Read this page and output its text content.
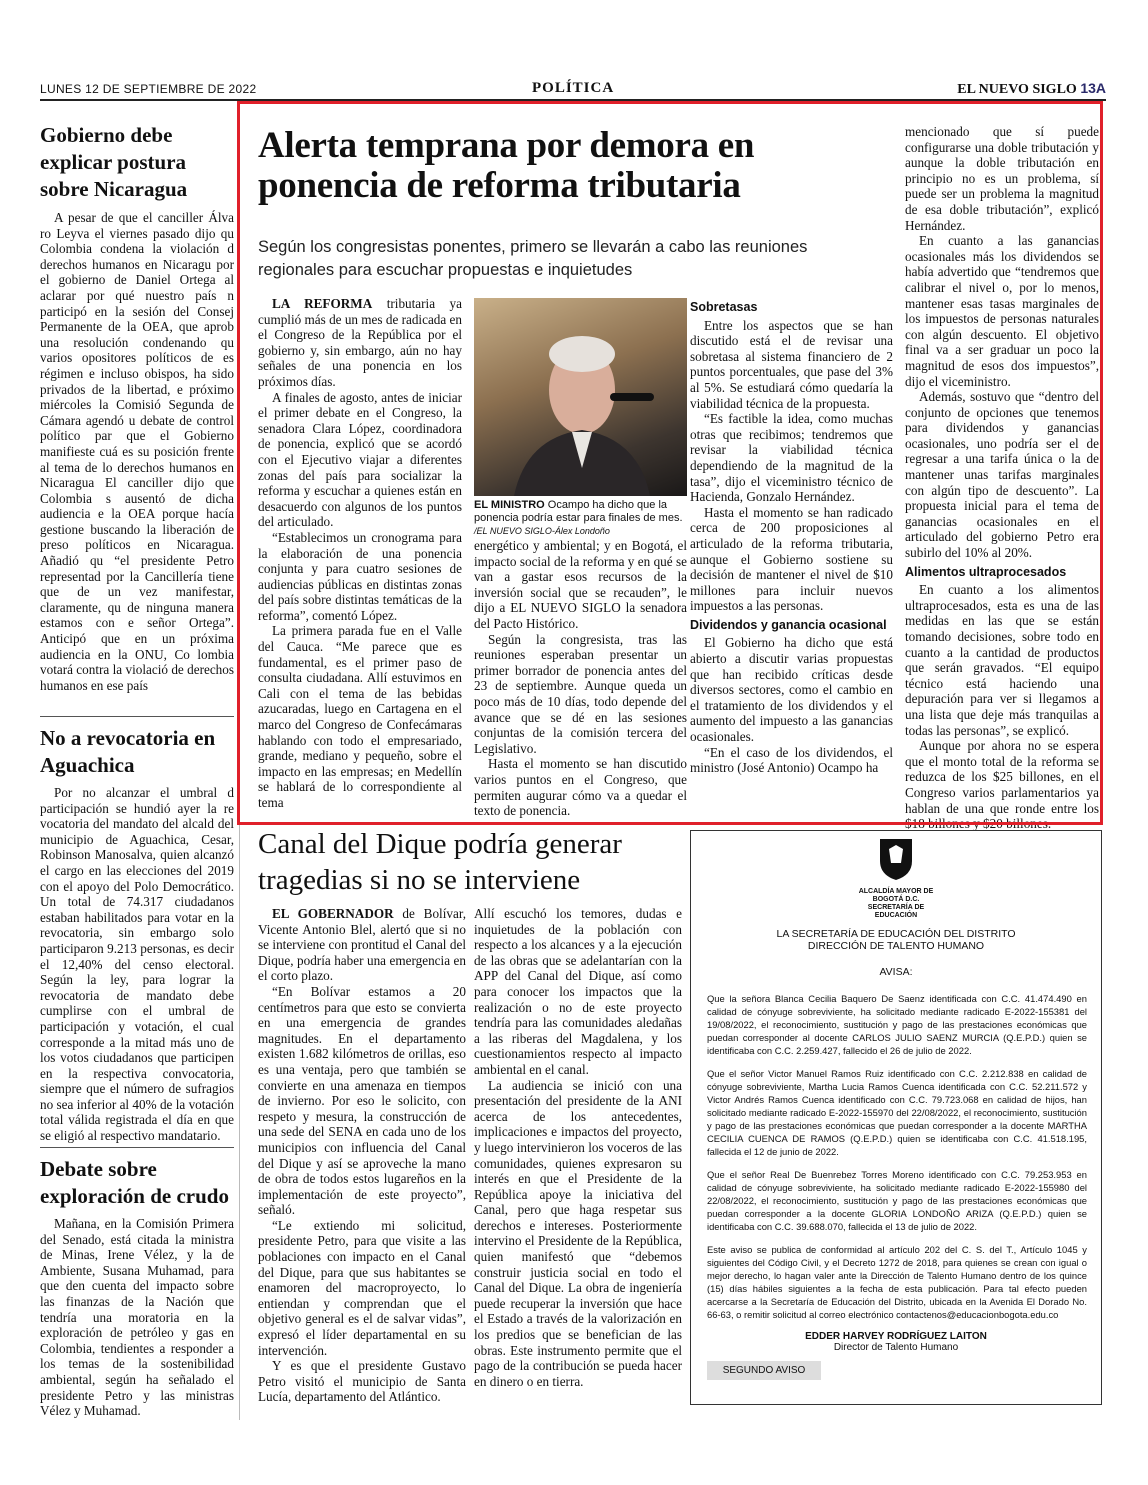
LUNES 12 DE SEPTIEMBRE DE 2022	POLÍTICA	EL NUEVO SIGLO 13A
Gobierno debe explicar postura sobre Nicaragua

A pesar de que el canciller Álva ro Leyva el viernes pasado dijo qu Colombia condena la violación d derechos humanos en Nicaragu por el gobierno de Daniel Ortega al aclarar por qué nuestro país n participó en la sesión del Consej Permanente de la OEA, que aprob una resolución condenando qu varios opositores políticos de es régimen e incluso obispos, ha sido privados de la libertad, e próximo miércoles la Comisió Segunda de Cámara agendó u debate de control político par que el Gobierno manifieste cuá es su posición frente al tema de lo derechos humanos en Nicaragua El canciller dijo que Colombia s ausentó de dicha audiencia e la OEA porque hacía gestione buscando la liberación de preso políticos en Nicaragua. Añadió qu “el presidente Petro representad por la Cancillería tiene que de un vez manifestar, claramente, qu de ninguna manera estamos con e señor Ortega”. Anticipó que en un próxima audiencia en la ONU, Co lombia votará contra la violació de derechos humanos en ese país

No a revocatoria en Aguachica

Por no alcanzar el umbral d participación se hundió ayer la re vocatoria del mandato del alcald del municipio de Aguachica, Cesar, Robinson Manosalva, quien alcanzó el cargo en las elecciones del 2019 con el apoyo del Polo Democrático. Un total de 74.317 ciudadanos estaban habilitados para votar en la revocatoria, sin embargo solo participaron 9.213 personas, es decir el 12,40% del censo electoral. Según la ley, para lograr la revocatoria de mandato debe cumplirse con el umbral de participación y votación, el cual corresponde a la mitad más uno de los votos ciudadanos que participen en la respectiva convocatoria, siempre que el número de sufragios no sea inferior al 40% de la votación total válida registrada el día en que se eligió al respectivo mandatario.

Debate sobre exploración de crudo

Mañana, en la Comisión Primera del Senado, está citada la ministra de Minas, Irene Vélez, y la de Ambiente, Susana Muhamad, para que den cuenta del impacto sobre las finanzas de la Nación que tendría una moratoria en la exploración de petróleo y gas en Colombia, tendientes a responder a los temas de la sostenibilidad ambiental, según ha señalado el presidente Petro y las ministras Vélez y Muhamad.

Alerta temprana por demora en ponencia de reforma tributaria
Según los congresistas ponentes, primero se llevarán a cabo las reuniones regionales para escuchar propuestas e inquietudes

LA REFORMA tributaria ya cumplió más de un mes de radicada en el Congreso de la República por el gobierno y, sin embargo, aún no hay señales de una ponencia en los próximos días.

A finales de agosto, antes de iniciar el primer debate en el Congreso, la senadora Clara López, coordinadora de ponencia, explicó que se acordó con el Ejecutivo viajar a diferentes zonas del país para socializar la reforma y escuchar a quienes están en desacuerdo con algunos de los puntos del articulado.

“Establecimos un cronograma para la elaboración de una ponencia conjunta y para cuatro sesiones de audiencias públicas en distintas zonas del país sobre distintas temáticas de la reforma”, comentó López.

La primera parada fue en el Valle del Cauca. “Me parece que es fundamental, es el primer paso de consulta ciudadana. Allí estuvimos en Cali con el tema de las bebidas azucaradas, luego en Cartagena en el marco del Congreso de Confecámaras hablando con todo el empresariado, grande, mediano y pequeño, sobre el impacto en las empresas; en Medellín se hablará de lo correspondiente al tema

EL MINISTRO Ocampo ha dicho que la ponencia podría estar para finales de mes. /EL NUEVO SIGLO-Álex Londoño

energético y ambiental; y en Bogotá, el impacto social de la reforma y en qué se van a gastar esos recursos de la inversión social que se recauden”, le dijo a EL NUEVO SIGLO la senadora del Pacto Histórico.

Según la congresista, tras las reuniones esperaban presentar un primer borrador de ponencia antes del 23 de septiembre. Aunque queda un poco más de 10 días, todo depende del avance que se dé en las sesiones conjuntas de la comisión tercera del Legislativo.

Hasta el momento se han discutido varios puntos en el Congreso, que permiten augurar cómo va a quedar el texto de ponencia.

Sobretasas

Entre los aspectos que se han discutido está el de revisar una sobretasa al sistema financiero de 2 puntos porcentuales, que pase del 3% al 5%. Se estudiará cómo quedaría la viabilidad técnica de la propuesta.

“Es factible la idea, como muchas otras que recibimos; tendremos que revisar la viabilidad técnica dependiendo de la magnitud de la tasa”, dijo el viceministro técnico de Hacienda, Gonzalo Hernández.

Hasta el momento se han radicado cerca de 200 proposiciones al articulado de la reforma tributaria, aunque el Gobierno sostiene su decisión de mantener el nivel de $10 millones para incluir nuevos impuestos a las personas.

Dividendos y ganancia ocasional

El Gobierno ha dicho que está abierto a discutir varias propuestas que han recibido críticas desde diversos sectores, como el cambio en el tratamiento de los dividendos y el aumento del impuesto a las ganancias ocasionales.

“En el caso de los dividendos, el ministro (José Antonio) Ocampo ha

mencionado que sí puede configurarse una doble tributación y aunque la doble tributación en principio no es un problema, sí puede ser un problema la magnitud de esa doble tributación”, explicó Hernández.

En cuanto a las ganancias ocasionales más los dividendos se había advertido que “tendremos que calibrar el nivel o, por lo menos, mantener esas tasas marginales de los impuestos de personas naturales con algún descuento. El objetivo final va a ser graduar un poco la magnitud de esos dos impuestos”, dijo el viceministro.

Además, sostuvo que “dentro del conjunto de opciones que tenemos para dividendos y ganancias ocasionales, uno podría ser el de regresar a una tarifa única o la de mantener unas tarifas marginales con algún tipo de descuento”. La propuesta inicial para el tema de ganancias ocasionales en el articulado del gobierno Petro era subirlo del 10% al 20%.

Alimentos ultraprocesados

En cuanto a los alimentos ultraprocesados, esta es una de las medidas en las que se están tomando decisiones, sobre todo en cuanto a la cantidad de productos que serán gravados. “El equipo técnico está haciendo una depuración para ver si llegamos a una lista que deje más tranquilas a todas las personas”, se explicó.

Aunque por ahora no se espera que el monto total de la reforma se reduzca de los $25 billones, en el Congreso varios parlamentarios ya hablan de una que ronde entre los $18 billones y $20 billones.

Canal del Dique podría generar tragedias si no se interviene

EL GOBERNADOR de Bolívar, Vicente Antonio Blel, alertó que si no se interviene con prontitud el Canal del Dique, podría haber una emergencia en el corto plazo.

“En Bolívar estamos a 20 centímetros para que esto se convierta en una emergencia de grandes magnitudes. En el departamento existen 1.682 kilómetros de orillas, eso es una ventaja, pero que también se convierte en una amenaza en tiempos de invierno. Por eso le solicito, con respeto y mesura, la construcción de una sede del SENA en cada uno de los municipios con influencia del Canal del Dique y así se aproveche la mano de obra de todos estos lugareños en la implementación de este proyecto”, señaló.

“Le extiendo mi solicitud, presidente Petro, para que visite a las poblaciones con impacto en el Canal del Dique, para que sus habitantes se enamoren del macroproyecto, lo entiendan y comprendan que el objetivo general es el de salvar vidas”, expresó el líder departamental en su intervención.

Y es que el presidente Gustavo Petro visitó el municipio de Santa Lucía, departamento del Atlántico.

Allí escuchó los temores, dudas e inquietudes de la población con respecto a los alcances y a la ejecución de las obras que se adelantarían con la APP del Canal del Dique, así como para conocer los impactos que la realización o no de este proyecto tendría para las comunidades aledañas a las riberas del Magdalena, y los cuestionamientos respecto al impacto ambiental en el canal.

La audiencia se inició con una presentación del presidente de la ANI acerca de los antecedentes, implicaciones e impactos del proyecto, y luego intervinieron los voceros de las comunidades, quienes expresaron su interés en que el Presidente de la República apoye la iniciativa del Canal, pero que haga respetar sus derechos e intereses. Posteriormente intervino el Presidente de la República, quien manifestó que “debemos construir justicia social en todo el Canal del Dique. La obra de ingeniería puede recuperar la inversión que hace el Estado a través de la valorización en los predios que se benefician de las obras. Este instrumento permite que el pago de la contribución se pueda hacer en dinero o en tierra.

ALCALDÍA MAYOR DE BOGOTÁ D.C. SECRETARÍA DE EDUCACIÓN
LA SECRETARÍA DE EDUCACIÓN DEL DISTRITO
DIRECCIÓN DE TALENTO HUMANO
AVISA:
Que la señora Blanca Cecilia Baquero De Saenz identificada con C.C. 41.474.490 en calidad de cónyuge sobreviviente, ha solicitado mediante radicado E-2022-155381 del 19/08/2022, el reconocimiento, sustitución y pago de las prestaciones económicas que puedan corresponder al docente CARLOS JULIO SAENZ MURCIA (Q.E.P.D.) quien se identificaba con C.C. 2.259.427, fallecido el 26 de julio de 2022.
Que el señor Victor Manuel Ramos Ruiz identificado con C.C. 2.212.838 en calidad de cónyuge sobreviviente, Martha Lucia Ramos Cuenca identificada con C.C. 52.211.572 y Victor Andrés Ramos Cuenca identificado con C.C. 79.723.068 en calidad de hijos, han solicitado mediante radicado E-2022-155970 del 22/08/2022, el reconocimiento, sustitución y pago de las prestaciones económicas que puedan corresponder a la docente MARTHA CECILIA CUENCA DE RAMOS (Q.E.P.D.) quien se identificaba con C.C. 41.518.195, fallecida el 12 de junio de 2022.
Que el señor Real De Buenrebez Torres Moreno identificado con C.C. 79.253.953 en calidad de cónyuge sobreviviente, ha solicitado mediante radicado E-2022-155980 del 22/08/2022, el reconocimiento, sustitución y pago de las prestaciones económicas que puedan corresponder a la docente GLORIA LONDOÑO ARIZA (Q.E.P.D.) quien se identificaba con C.C. 39.688.070, fallecida el 13 de julio de 2022.
Este aviso se publica de conformidad al artículo 202 del C. S. del T., Artículo 1045 y siguientes del Código Civil, y el Decreto 1272 de 2018, para quienes se crean con igual o mejor derecho, lo hagan valer ante la Dirección de Talento Humano dentro de los quince (15) días hábiles siguientes a la fecha de esta publicación. Para tal efecto pueden acercarse a la Secretaría de Educación del Distrito, ubicada en la Avenida El Dorado No. 66-63, o remitir solicitud al correo electrónico contactenos@educacionbogota.edu.co
EDDER HARVEY RODRÍGUEZ LAITON
Director de Talento Humano
SEGUNDO AVISO
